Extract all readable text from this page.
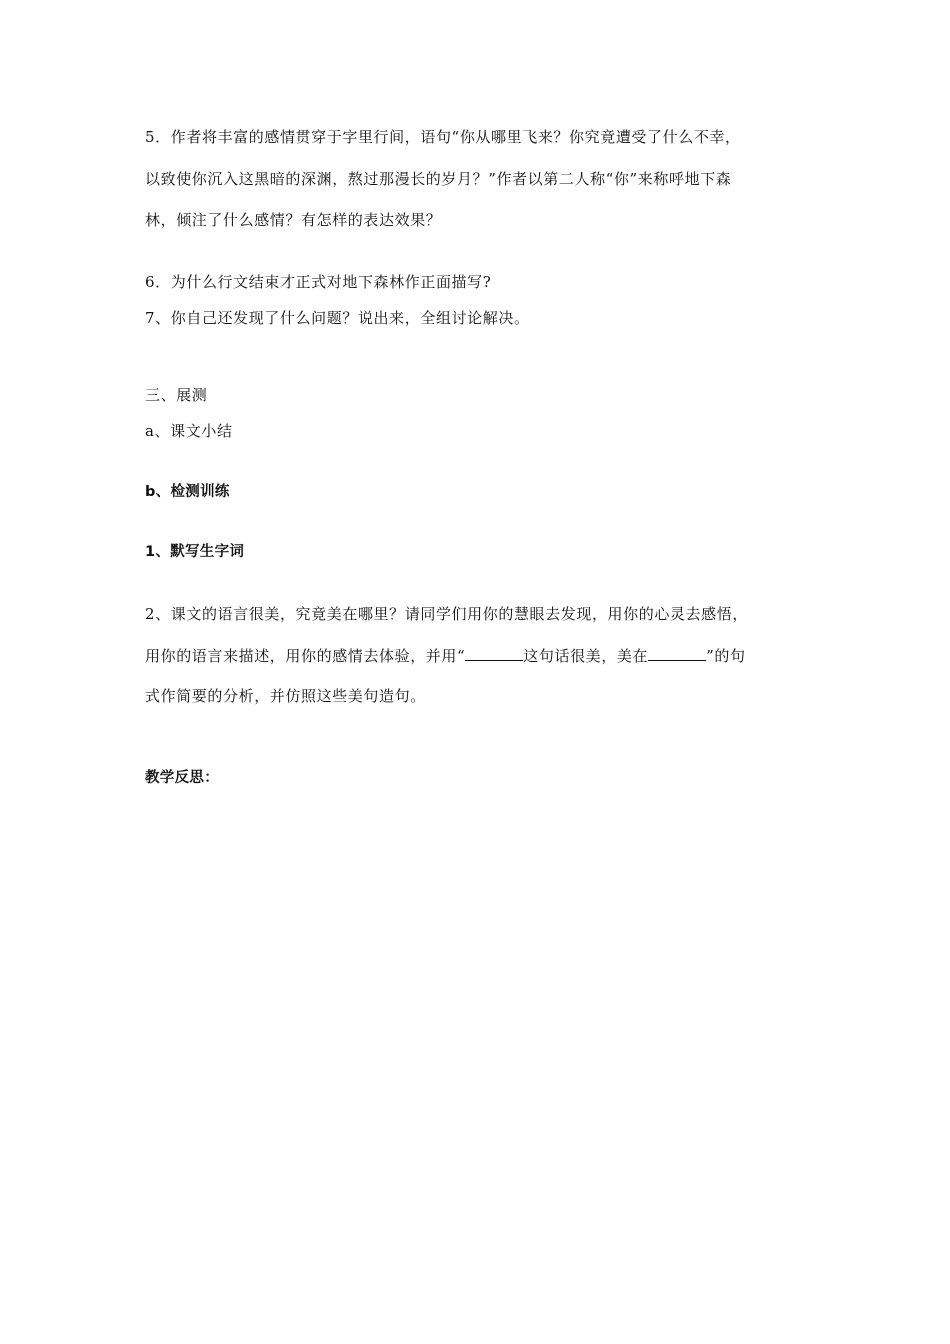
5．作者将丰富的感情贯穿于字里行间，语句“你从哪里飞来？你究竟遭受了什么不幸，
以致使你沉入这黑暗的深渊，熬过那漫长的岁月？”作者以第二人称“你”来称呼地下森
林，倾注了什么感情？有怎样的表达效果？
6．为什么行文结束才正式对地下森林作正面描写?
7、你自己还发现了什么问题？说出来，全组讨论解决。
三、展测
a、课文小结
b、检测训练
1、默写生字词
2、课文的语言很美，究竟美在哪里？请同学们用你的慧眼去发现，用你的心灵去感悟，
用你的语言来描述，用你的感情去体验，并用“	这句话很美，美在	”的句
式作简要的分析，并仿照这些美句造句。
教学反思：
